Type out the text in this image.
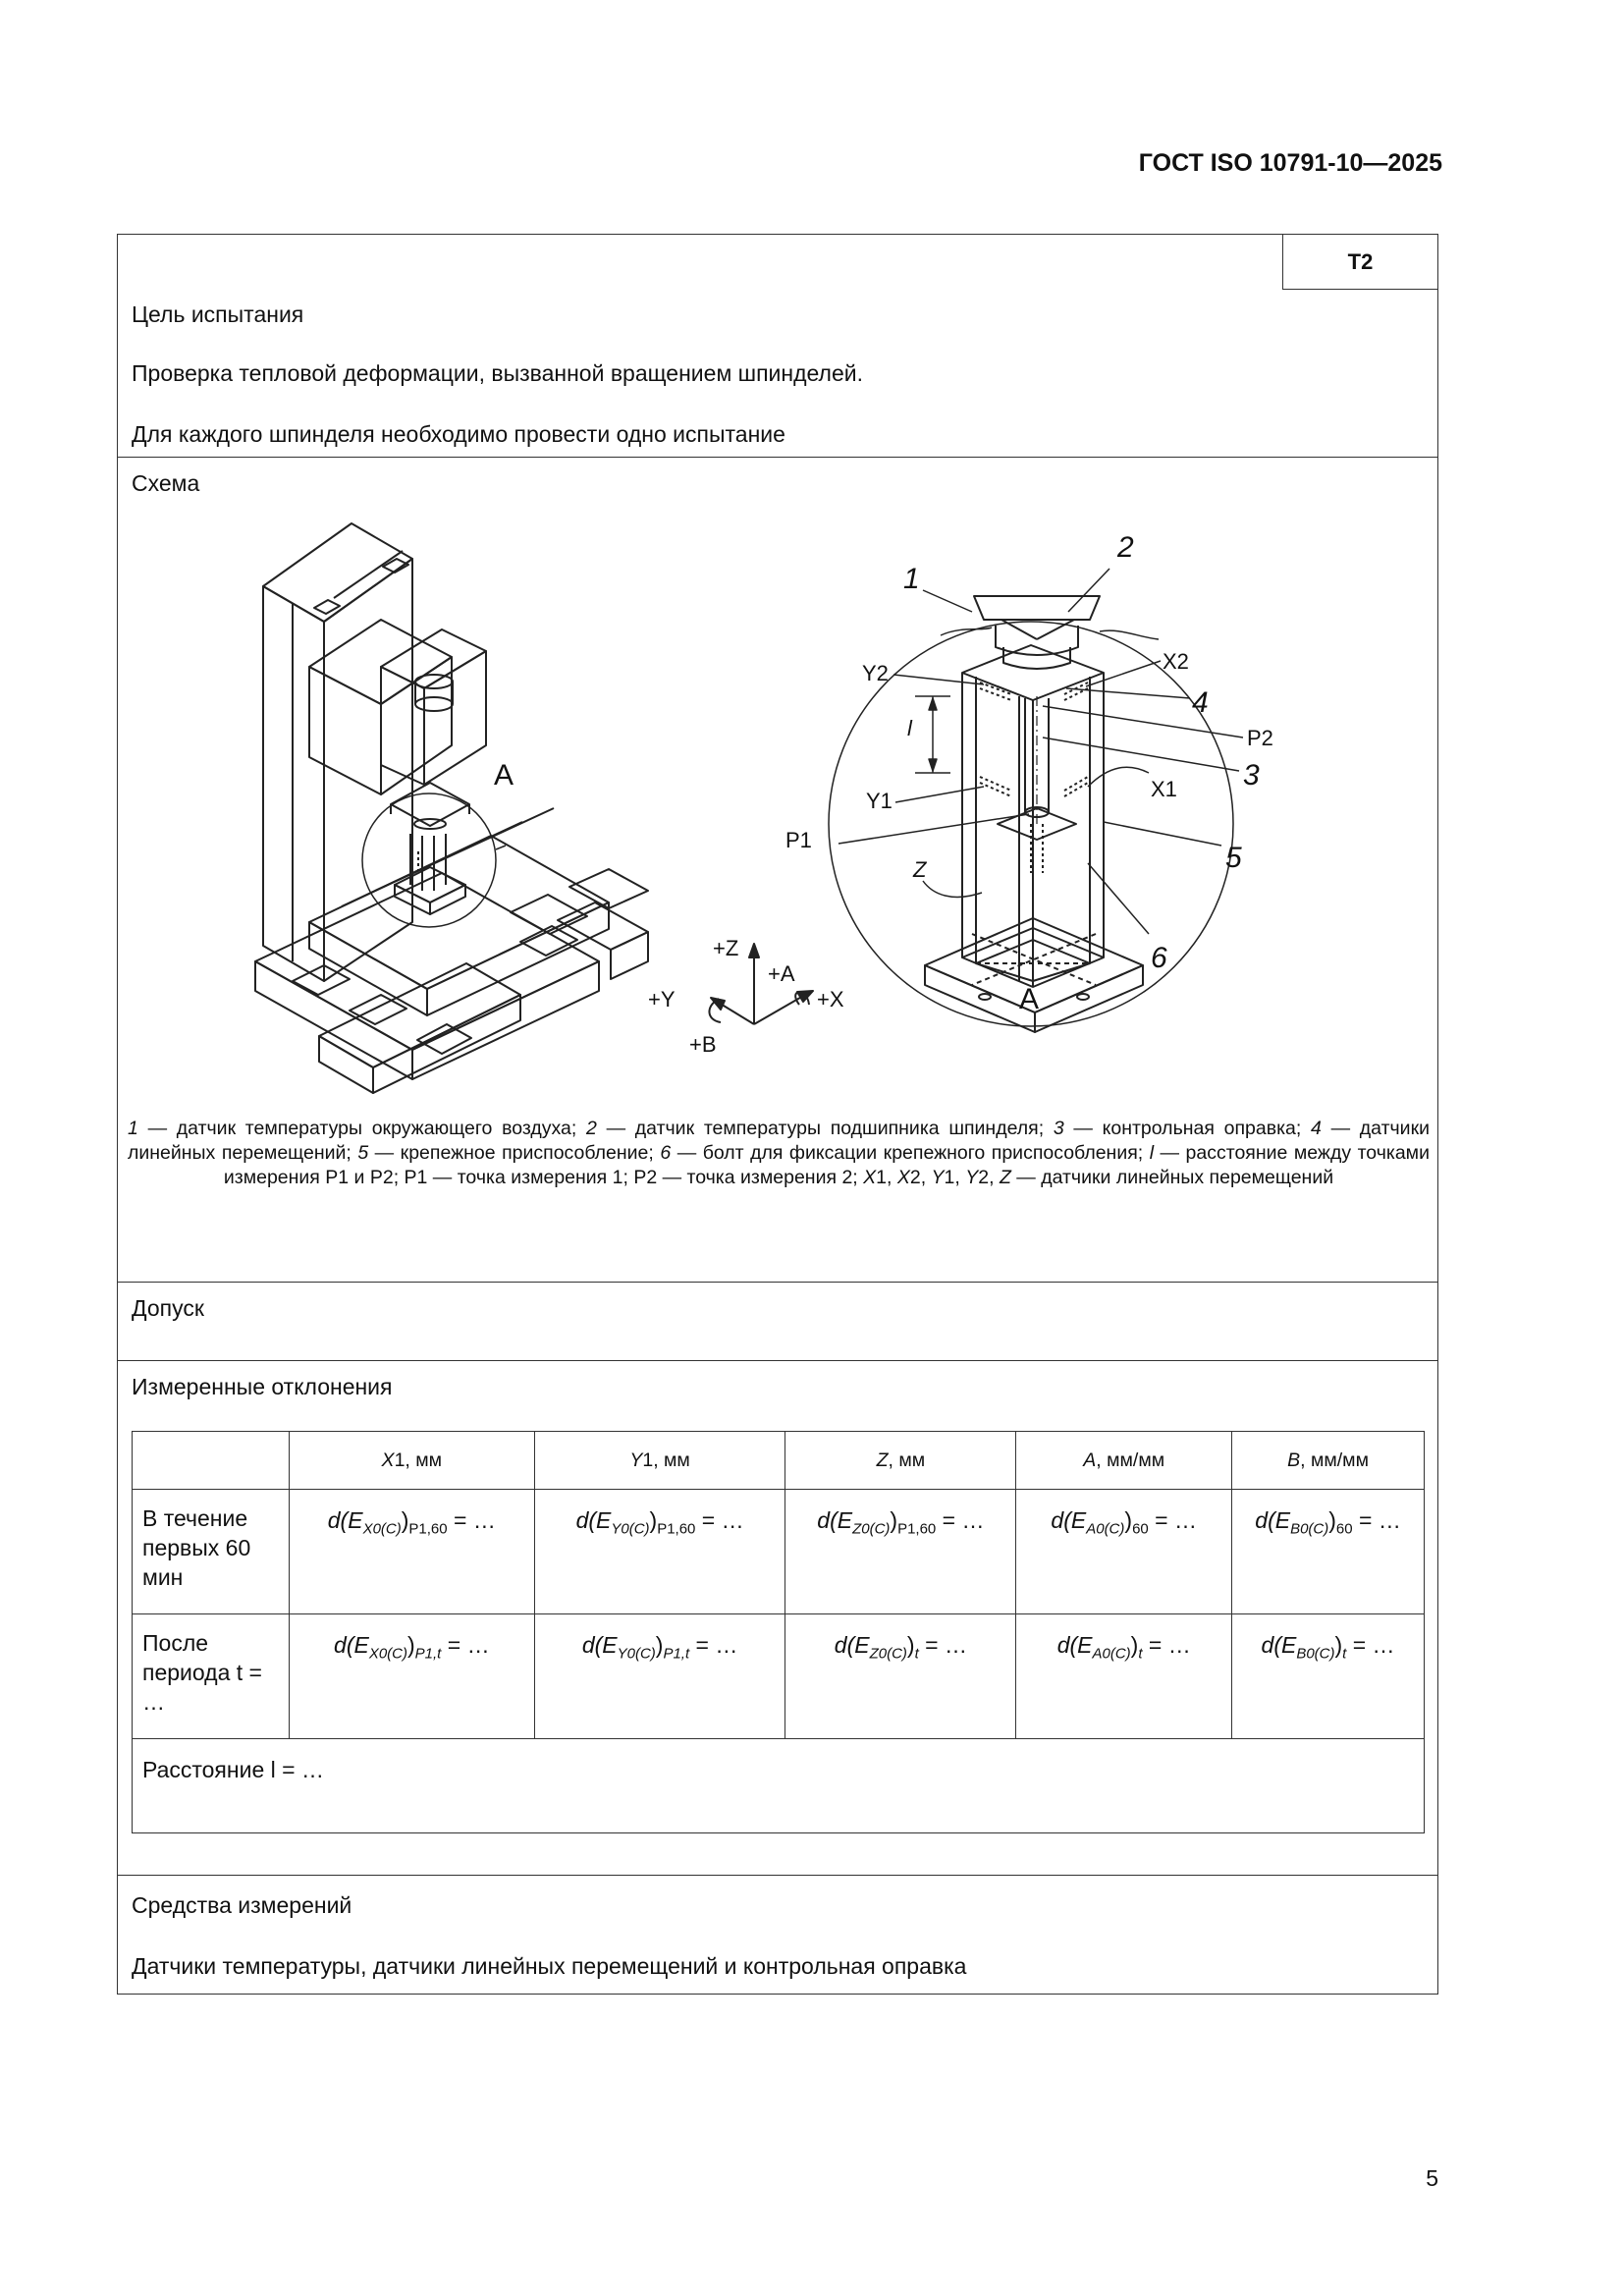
ГОСТ ISO 10791-10—2025
T2
Цель испытания
Проверка тепловой деформации, вызванной вращением шпинделей.
Для каждого шпинделя необходимо провести одно испытание
Схема
A
1
2
Y2	X2
4
P2
l
3
X1
Y1
P1
5
Z
6
A
+Z
+A
+Y	+X
+B
1 — датчик температуры окружающего воздуха; 2 — датчик температуры подшипника шпинделя; 3 — контрольная оправка; 4 — датчики линейных перемещений; 5 — крепежное приспособление; 6 — болт для фиксации крепежного приспособления; l — расстояние между точками измерения P1 и P2; P1 — точка измерения 1; P2 — точка измерения 2; X1, X2, Y1, Y2, Z — датчики линейных перемещений
Допуск
Измеренные отклонения
	X1, мм	Y1, мм	Z, мм	A, мм/мм	B, мм/мм
В течение первых 60 мин	$d(E_{X0(C)})_{P1,60}$ = …	$d(E_{Y0(C)})_{P1,60}$ = …	$d(E_{Z0(C)})_{P1,60}$ = …	$d(E_{A0(C)})_{60}$ = …	$d(E_{B0(C)})_{60}$ = …
После периода t = …	$d(E_{X0(C)})_{P1,t}$ = …	$d(E_{Y0(C)})_{P1,t}$ = …	$d(E_{Z0(C)})_t$ = …	$d(E_{A0(C)})_t$ = …	$d(E_{B0(C)})_t$ = …
Расстояние l = …					
Средства измерений
Датчики температуры, датчики линейных перемещений и контрольная оправка
5
